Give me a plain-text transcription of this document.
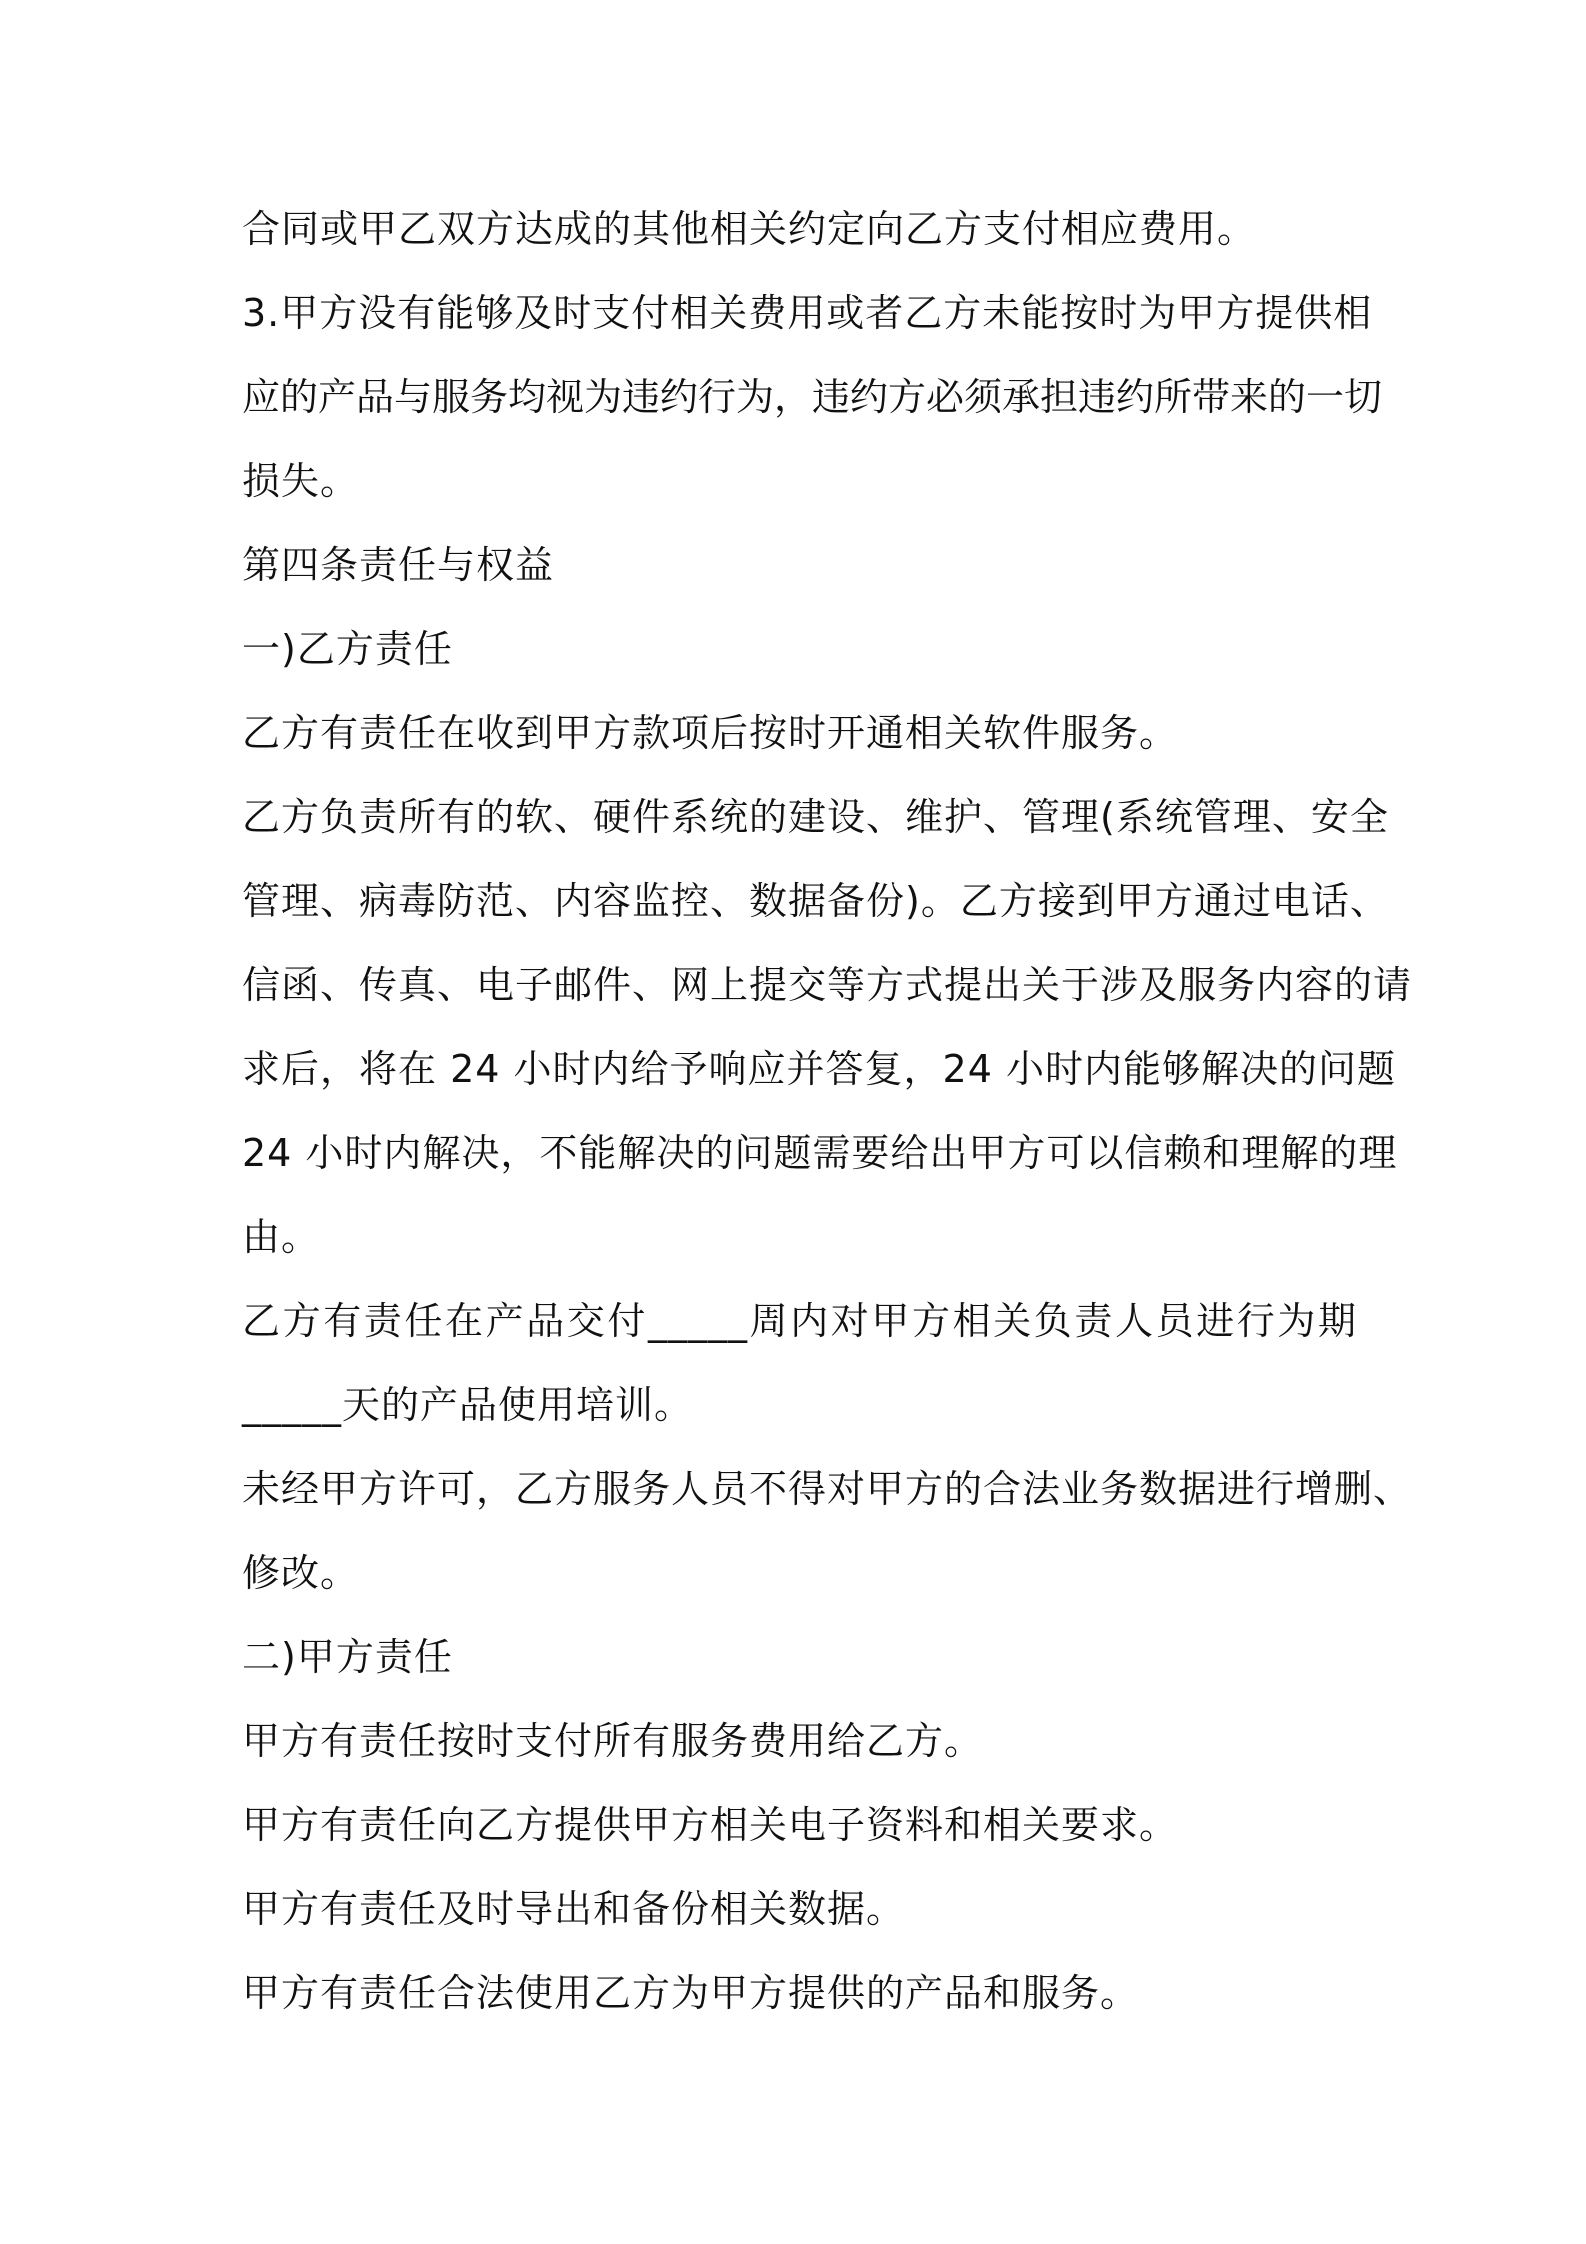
合同或甲乙双方达成的其他相关约定向乙方支付相应费用。
3.甲方没有能够及时支付相关费用或者乙方未能按时为甲方提供相
应的产品与服务均视为违约行为，违约方必须承担违约所带来的一切
损失。
第四条责任与权益
一)乙方责任
乙方有责任在收到甲方款项后按时开通相关软件服务。
乙方负责所有的软、硬件系统的建设、维护、管理(系统管理、安全
管理、病毒防范、内容监控、数据备份)。乙方接到甲方通过电话、
信函、传真、电子邮件、网上提交等方式提出关于涉及服务内容的请
求后，将在 24 小时内给予响应并答复，24 小时内能够解决的问题
24 小时内解决，不能解决的问题需要给出甲方可以信赖和理解的理
由。
乙方有责任在产品交付_____周内对甲方相关负责人员进行为期
_____天的产品使用培训。
未经甲方许可，乙方服务人员不得对甲方的合法业务数据进行增删、
修改。
二)甲方责任
甲方有责任按时支付所有服务费用给乙方。
甲方有责任向乙方提供甲方相关电子资料和相关要求。
甲方有责任及时导出和备份相关数据。
甲方有责任合法使用乙方为甲方提供的产品和服务。
